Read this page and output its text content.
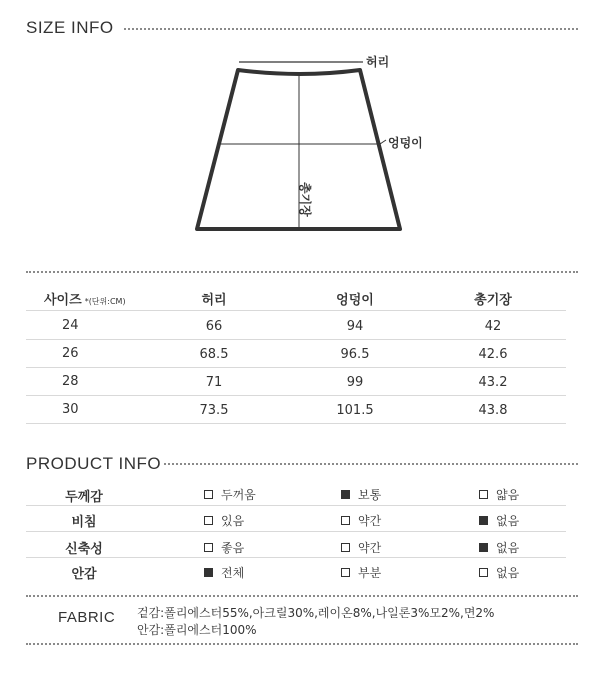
SIZE INFO
허리
엉덩이
총기장
사이즈 *(단위:CM)	허리	엉덩이	총기장
24	66	94	42
26	68.5	96.5	42.6
28	71	99	43.2
30	73.5	101.5	43.8
PRODUCT INFO
두께감	두꺼움	보통	얇음
비침	있음	약간	없음
신축성	좋음	약간	없음
안감	전체	부분	없음
FABRIC 겉감:폴리에스터55%,아크릴30%,레이온8%,나일론3%모2%,면2%
안감:폴리에스터100%
